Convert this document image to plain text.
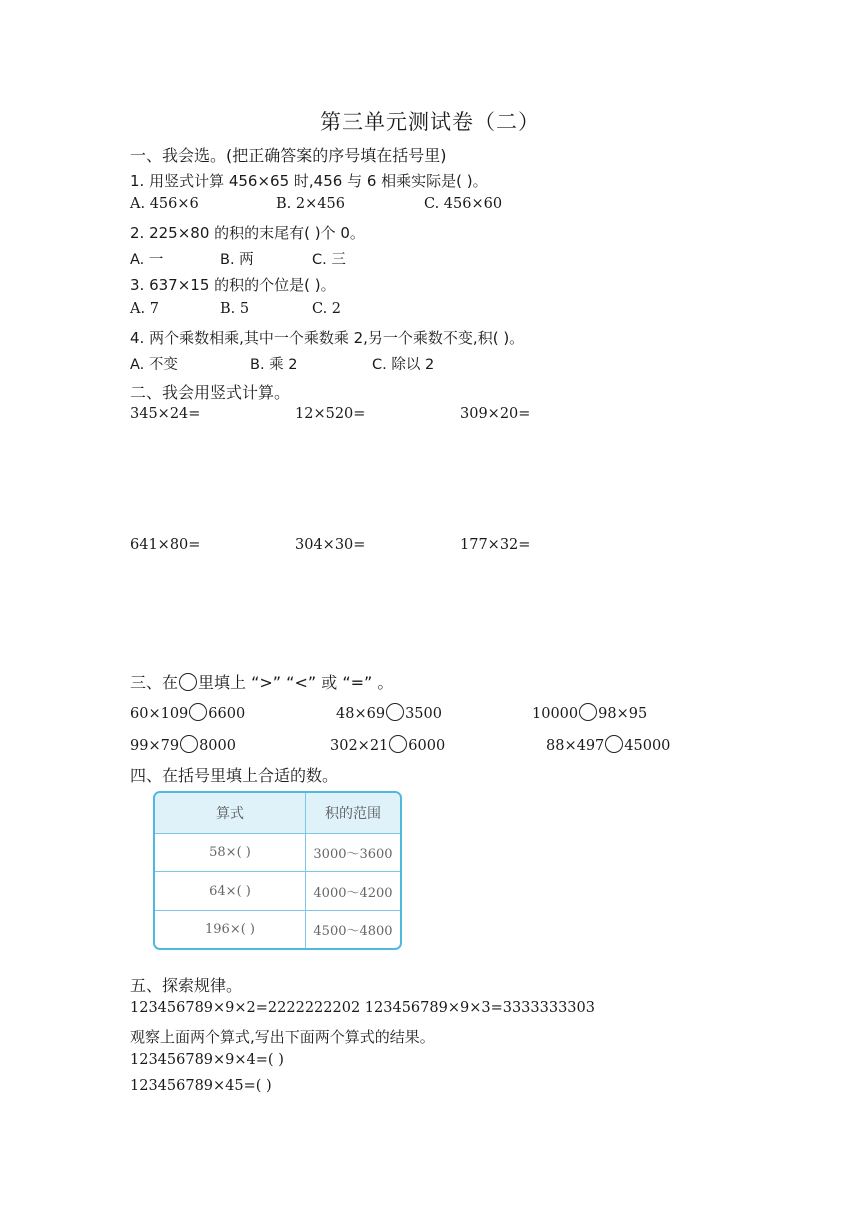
第三单元测试卷（二）
一、我会选。(把正确答案的序号填在括号里)
1. 用竖式计算 456×65 时,456 与 6 相乘实际是( )。
A. 456×6	B. 2×456	C. 456×60
2. 225×80 的积的末尾有( )个 0。
A. 一	B. 两	C. 三
3. 637×15 的积的个位是( )。
A. 7	B. 5	C. 2
4. 两个乘数相乘,其中一个乘数乘 2,另一个乘数不变,积( )。
A. 不变	B. 乘 2	C. 除以 2
二、我会用竖式计算。
345×24=	12×520=	309×20=
641×80=	304×30=	177×32=
三、在 里填上 “>” “<” 或 “=” 。
60×109 6600	48×69 3500	10000 98×95
99×79 8000	302×21 6000	88×497 45000
四、在括号里填上合适的数。
算式	积的范围
58×( )	3000～3600
64×( )	4000～4200
196×( )	4500～4800
五、探索规律。
123456789×9×2=2222222202 123456789×9×3=3333333303
观察上面两个算式,写出下面两个算式的结果。
123456789×9×4=( )
123456789×45=( )
